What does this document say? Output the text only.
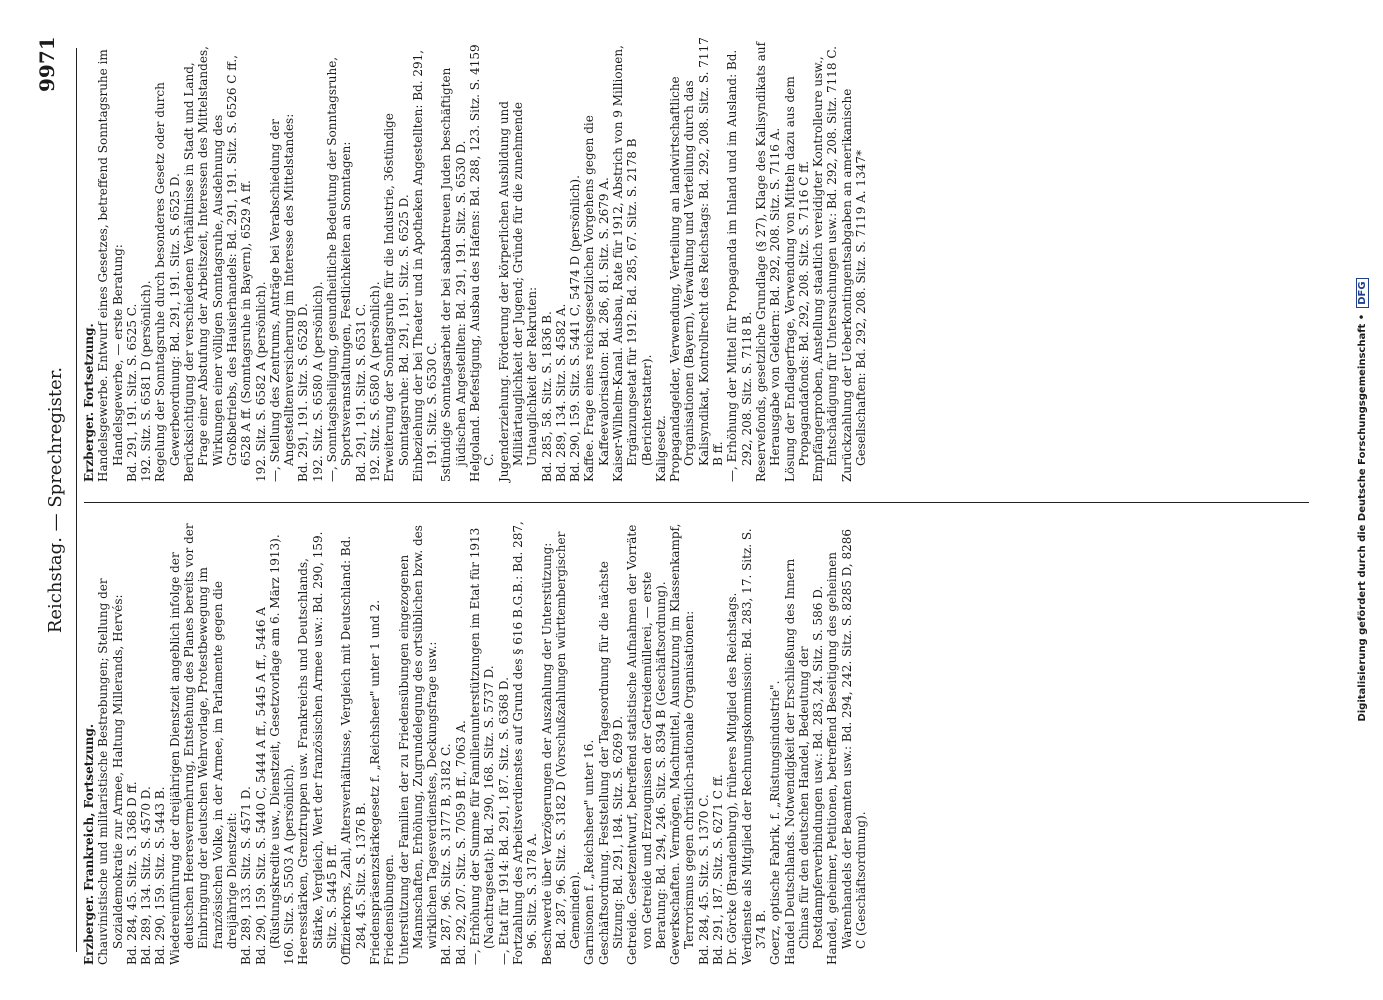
Reichstag. — Sprechregister.
9971

Erzberger. Frankreich, Fortsetzung. Chauvinistische und militaristische Bestrebungen; Stellung der Sozialdemokratie zur Armee, Haltung Millerands, Hervés: Bd. 284, 45. Sitz. S. 1368 D ff. Bd. 289, 134. Sitz. S. 4570 D. Bd. 290, 159. Sitz. S. 5443 B. Wiedereinführung der dreijährigen Dienstzeit angeblich infolge der deutschen Heeresvermehrung, Entstehung des Planes bereits vor der Einbringung der deutschen Wehrvorlage, Protestbewegung im französischen Volke, in der Armee, im Parlamente gegen die dreijährige Dienstzeit: Bd. 289, 133. Sitz. S. 4571 D. Bd. 290, 159. Sitz. S. 5440 C, 5444 A ff., 5445 A ff., 5446 A (Rüstungskredite usw., Dienstzeit, Gesetzvorlage am 6. März 1913). 160. Sitz. S. 5503 A (persönlich). Heeresstärken, Grenztruppen usw. Frankreichs und Deutschlands, Stärke, Vergleich, Wert der französischen Armee usw.: Bd. 290, 159. Sitz. S. 5445 B ff. Offizierkorps, Zahl, Altersverhältnisse, Vergleich mit Deutschland: Bd. 284, 45. Sitz. S. 1376 B. Friedenspräsenzstärkegesetz f. „Reichsheer" unter 1 und 2. Friedensübungen. Unterstützung der Familien der zu Friedensübungen eingezogenen Mannschaften, Erhöhung, Zugrundelegung des ortsüblichen bzw. des wirklichen Tagesverdienstes, Deckungsfrage usw.: Bd. 287, 96. Sitz. S. 3177 B, 3182 C. Bd. 292, 207. Sitz. S. 7059 B ff., 7063 A. —, Erhöhung der Summe für Familienunterstützungen im Etat für 1913 (Nachtragsetat): Bd. 290, 168. Sitz. S. 5737 D. —, Etat für 1914: Bd. 291, 187. Sitz. S. 6368 D. Fortzahlung des Arbeitsverdienstes auf Grund des § 616 B.G.B.: Bd. 287, 96. Sitz. S. 3178 A. Beschwerde über Verzögerungen der Auszahlung der Unterstützung: Bd. 287, 96. Sitz. S. 3182 D (Vorschußzahlungen württembergischer Gemeinden). Garnisonen f. „Reichsheer" unter 16. Geschäftsordnung. Feststellung der Tagesordnung für die nächste Sitzung: Bd. 291, 184. Sitz. S. 6269 D. Getreide. Gesetzentwurf, betreffend statistische Aufnahmen der Vorräte von Getreide und Erzeugnissen der Getreidemüllerei, — erste Beratung: Bd. 294, 246. Sitz. S. 8394 B (Geschäftsordnung). Gewerkschaften. Vermögen, Machtmittel, Ausnutzung im Klassenkampf, Terrorismus gegen christlich-nationale Organisationen: Bd. 284, 45. Sitz. S. 1370 C. Bd. 291, 187. Sitz. S. 6271 C ff. Dr. Görcke (Brandenburg), früheres Mitglied des Reichstags. Verdienste als Mitglied der Rechnungskommission: Bd. 283, 17. Sitz. S. 374 B. Goerz, optische Fabrik, f. „Rüstungsindustrie". Handel Deutschlands. Notwendigkeit der Erschließung des Innern Chinas für den deutschen Handel, Bedeutung der Postdampferverbindungen usw.: Bd. 283, 24. Sitz. S. 586 D. Handel, geheimer, Petitionen, betreffend Beseitigung des geheimen Warenhandels der Beamten usw.: Bd. 294, 242. Sitz. S. 8285 D, 8286 C (Geschäftsordnung).

Erzberger. Fortsetzung. Handelsgewerbe. Entwurf eines Gesetzes, betreffend Sonntagsruhe im Handelsgewerbe, — erste Beratung: Bd. 291, 191. Sitz. S. 6525 C. 192. Sitz. S. 6581 D (persönlich). Regelung der Sonntagsruhe durch besonderes Gesetz oder durch Gewerbeordnung: Bd. 291, 191. Sitz. S. 6525 D. Berücksichtigung der verschiedenen Verhältnisse in Stadt und Land, Frage einer Abstufung der Arbeitszeit, Interessen des Mittelstandes, Wirkungen einer völligen Sonntagsruhe, Ausdehnung des Großbetriebs, des Hausierhandels: Bd. 291, 191. Sitz. S. 6526 C ff., 6528 A ff. (Sonntagsruhe in Bayern), 6529 A ff. 192. Sitz. S. 6582 A (persönlich). —, Stellung des Zentrums, Anträge bei Verabschiedung der Angestelltenversicherung im Interesse des Mittelstandes: Bd. 291, 191. Sitz. S. 6528 D. 192. Sitz. S. 6580 A (persönlich). —, Sonntagsheiligung, gesundheitliche Bedeutung der Sonntagsruhe, Sportsveranstaltungen, Festlichkeiten an Sonntagen: Bd. 291, 191. Sitz. S. 6531 C. 192. Sitz. S. 6580 A (persönlich). Erweiterung der Sonntagsruhe für die Industrie, 36stündige Sonntagsruhe: Bd. 291, 191. Sitz. S. 6525 D. Einbeziehung der bei Theater und in Apotheken Angestellten: Bd. 291, 191. Sitz. S. 6530 C. 5stündige Sonntagsarbeit der bei sabbattreuen Juden beschäftigten jüdischen Angestellten: Bd. 291, 191. Sitz. S. 6530 D. Helgoland. Befestigung, Ausbau des Hafens: Bd. 288, 123. Sitz. S. 4159 C. Jugenderziehung. Förderung der körperlichen Ausbildung und Militärtauglichkeit der Jugend; Gründe für die zunehmende Untauglichkeit der Rekruten: Bd. 285, 58. Sitz. S. 1836 B. Bd. 289, 134. Sitz. S. 4582 A. Bd. 290, 159. Sitz. S. 5441 C, 5474 D (persönlich). Kaffee. Frage eines reichsgesetzlichen Vorgehens gegen die Kaffeevalorisation: Bd. 286, 81. Sitz. S. 2679 A. Kaiser-Wilhelm-Kanal. Ausbau, Rate für 1912, Abstrich von 9 Millionen, Ergänzungsetat für 1912: Bd. 285, 67. Sitz. S. 2178 B (Berichterstatter). Kaligesetz. Propagandagelder, Verwendung, Verteilung an landwirtschaftliche Organisationen (Bayern), Verwaltung und Verteilung durch das Kalisyndikat, Kontrollrecht des Reichstags: Bd. 292, 208. Sitz. S. 7117 B ff. —, Erhöhung der Mittel für Propaganda im Inland und im Ausland: Bd. 292, 208. Sitz. S. 7118 B. Reservefonds, gesetzliche Grundlage (§ 27), Klage des Kalisyndikats auf Herausgabe von Geldern: Bd. 292, 208. Sitz. S. 7116 A. Lösung der Endlagerfrage, Verwendung von Mitteln dazu aus dem Propagandafonds: Bd. 292, 208. Sitz. S. 7116 C ff. Empfängerproben, Anstellung staatlich vereidigter Kontrolleure usw., Entschädigung für Untersuchungen usw.: Bd. 292, 208. Sitz. 7118 C. Zurückzahlung der Ueberkontingentsabgaben an amerikanische Gesellschaften: Bd. 292, 208. Sitz. S. 7119 A. 1347*

Digitalisierung gefördert durch die Deutsche Forschungsgemeinschaft •DFG
